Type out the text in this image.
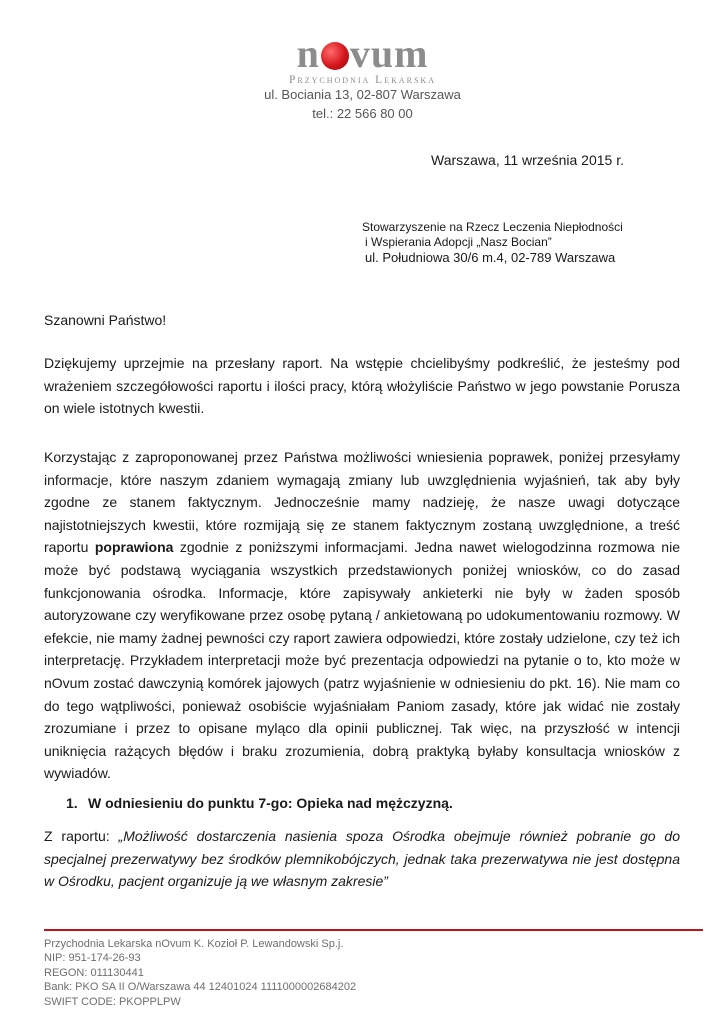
n vum
Przychodnia Lekarska
ul. Bociania 13, 02-807 Warszawa
tel.: 22 566 80 00
Warszawa, 11 września 2015 r.
Stowarzyszenie na Rzecz Leczenia Niepłodności
i Wspierania Adopcji „Nasz Bocian”
ul. Południowa 30/6 m.4, 02-789 Warszawa
Szanowni Państwo!
Dziękujemy uprzejmie na przesłany raport. Na wstępie chcielibyśmy podkreślić, że jesteśmy pod wrażeniem szczegółowości raportu i ilości pracy, którą włożyliście Państwo w jego powstanie Porusza on wiele istotnych kwestii.
Korzystając z zaproponowanej przez Państwa możliwości wniesienia poprawek, poniżej przesyłamy informacje, które naszym zdaniem wymagają zmiany lub uwzględnienia wyjaśnień, tak aby były zgodne ze stanem faktycznym. Jednocześnie mamy nadzieję, że nasze uwagi dotyczące najistotniejszych kwestii, które rozmijają się ze stanem faktycznym zostaną uwzględnione, a treść raportu poprawiona zgodnie z poniższymi informacjami. Jedna nawet wielogodzinna rozmowa nie może być podstawą wyciągania wszystkich przedstawionych poniżej wniosków, co do zasad funkcjonowania ośrodka. Informacje, które zapisywały ankieterki nie były w żaden sposób autoryzowane czy weryfikowane przez osobę pytaną / ankietowaną po udokumentowaniu rozmowy. W efekcie, nie mamy żadnej pewności czy raport zawiera odpowiedzi, które zostały udzielone, czy też ich interpretację. Przykładem interpretacji może być prezentacja odpowiedzi na pytanie o to, kto może w nOvum zostać dawczynią komórek jajowych (patrz wyjaśnienie w odniesieniu do pkt. 16). Nie mam co do tego wątpliwości, ponieważ osobiście wyjaśniałam Paniom zasady, które jak widać nie zostały zrozumiane i przez to opisane myląco dla opinii publicznej. Tak więc, na przyszłość w intencji uniknięcia rażących błędów i braku zrozumienia, dobrą praktyką byłaby konsultacja wniosków z wywiadów.
1. W odniesieniu do punktu 7-go: Opieka nad mężczyzną.
Z raportu: „Możliwość dostarczenia nasienia spoza Ośrodka obejmuje również pobranie go do specjalnej prezerwatywy bez środków plemnikobójczych, jednak taka prezerwatywa nie jest dostępna w Ośrodku, pacjent organizuje ją we własnym zakresie”
Przychodnia Lekarska nOvum K. Kozioł P. Lewandowski Sp.j.
NIP: 951-174-26-93
REGON: 011130441
Bank: PKO SA II O/Warszawa 44 12401024 1111000002684202
SWIFT CODE: PKOPPLPW
